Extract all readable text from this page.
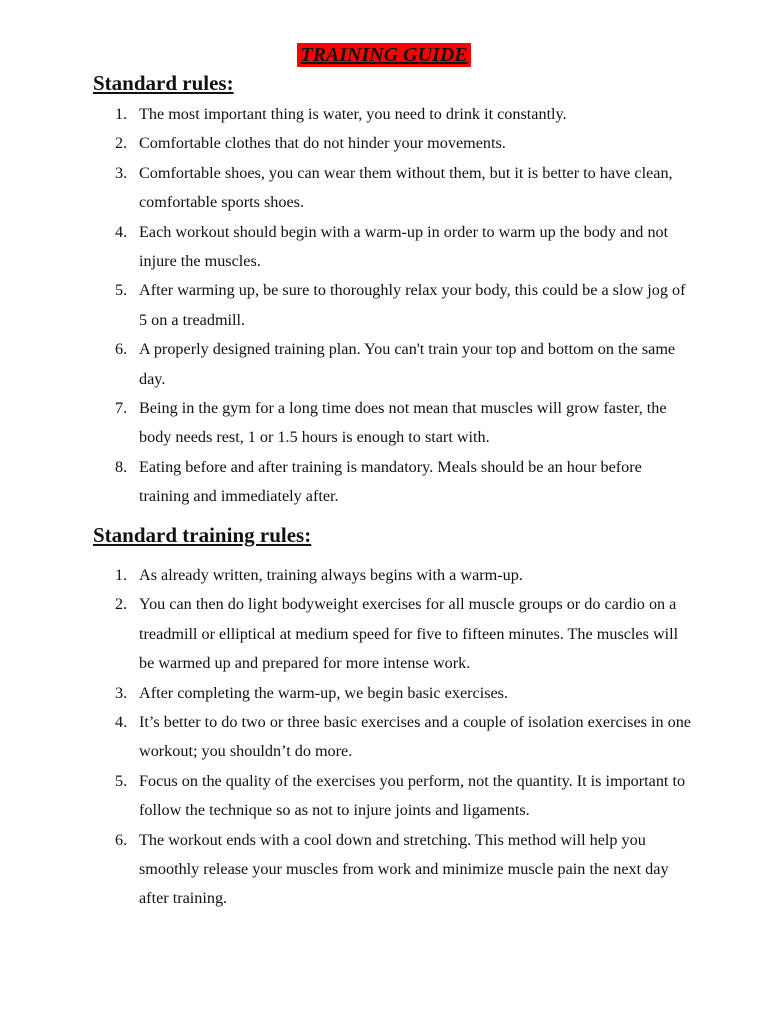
TRAINING GUIDE
Standard rules:
1. The most important thing is water, you need to drink it constantly.
2. Comfortable clothes that do not hinder your movements.
3. Comfortable shoes, you can wear them without them, but it is better to have clean, comfortable sports shoes.
4. Each workout should begin with a warm-up in order to warm up the body and not injure the muscles.
5. After warming up, be sure to thoroughly relax your body, this could be a slow jog of 5 on a treadmill.
6. A properly designed training plan. You can't train your top and bottom on the same day.
7. Being in the gym for a long time does not mean that muscles will grow faster, the body needs rest, 1 or 1.5 hours is enough to start with.
8. Eating before and after training is mandatory. Meals should be an hour before training and immediately after.
Standard training rules:
1. As already written, training always begins with a warm-up.
2. You can then do light bodyweight exercises for all muscle groups or do cardio on a treadmill or elliptical at medium speed for five to fifteen minutes. The muscles will be warmed up and prepared for more intense work.
3. After completing the warm-up, we begin basic exercises.
4. It’s better to do two or three basic exercises and a couple of isolation exercises in one workout; you shouldn’t do more.
5. Focus on the quality of the exercises you perform, not the quantity. It is important to follow the technique so as not to injure joints and ligaments.
6. The workout ends with a cool down and stretching. This method will help you smoothly release your muscles from work and minimize muscle pain the next day after training.
